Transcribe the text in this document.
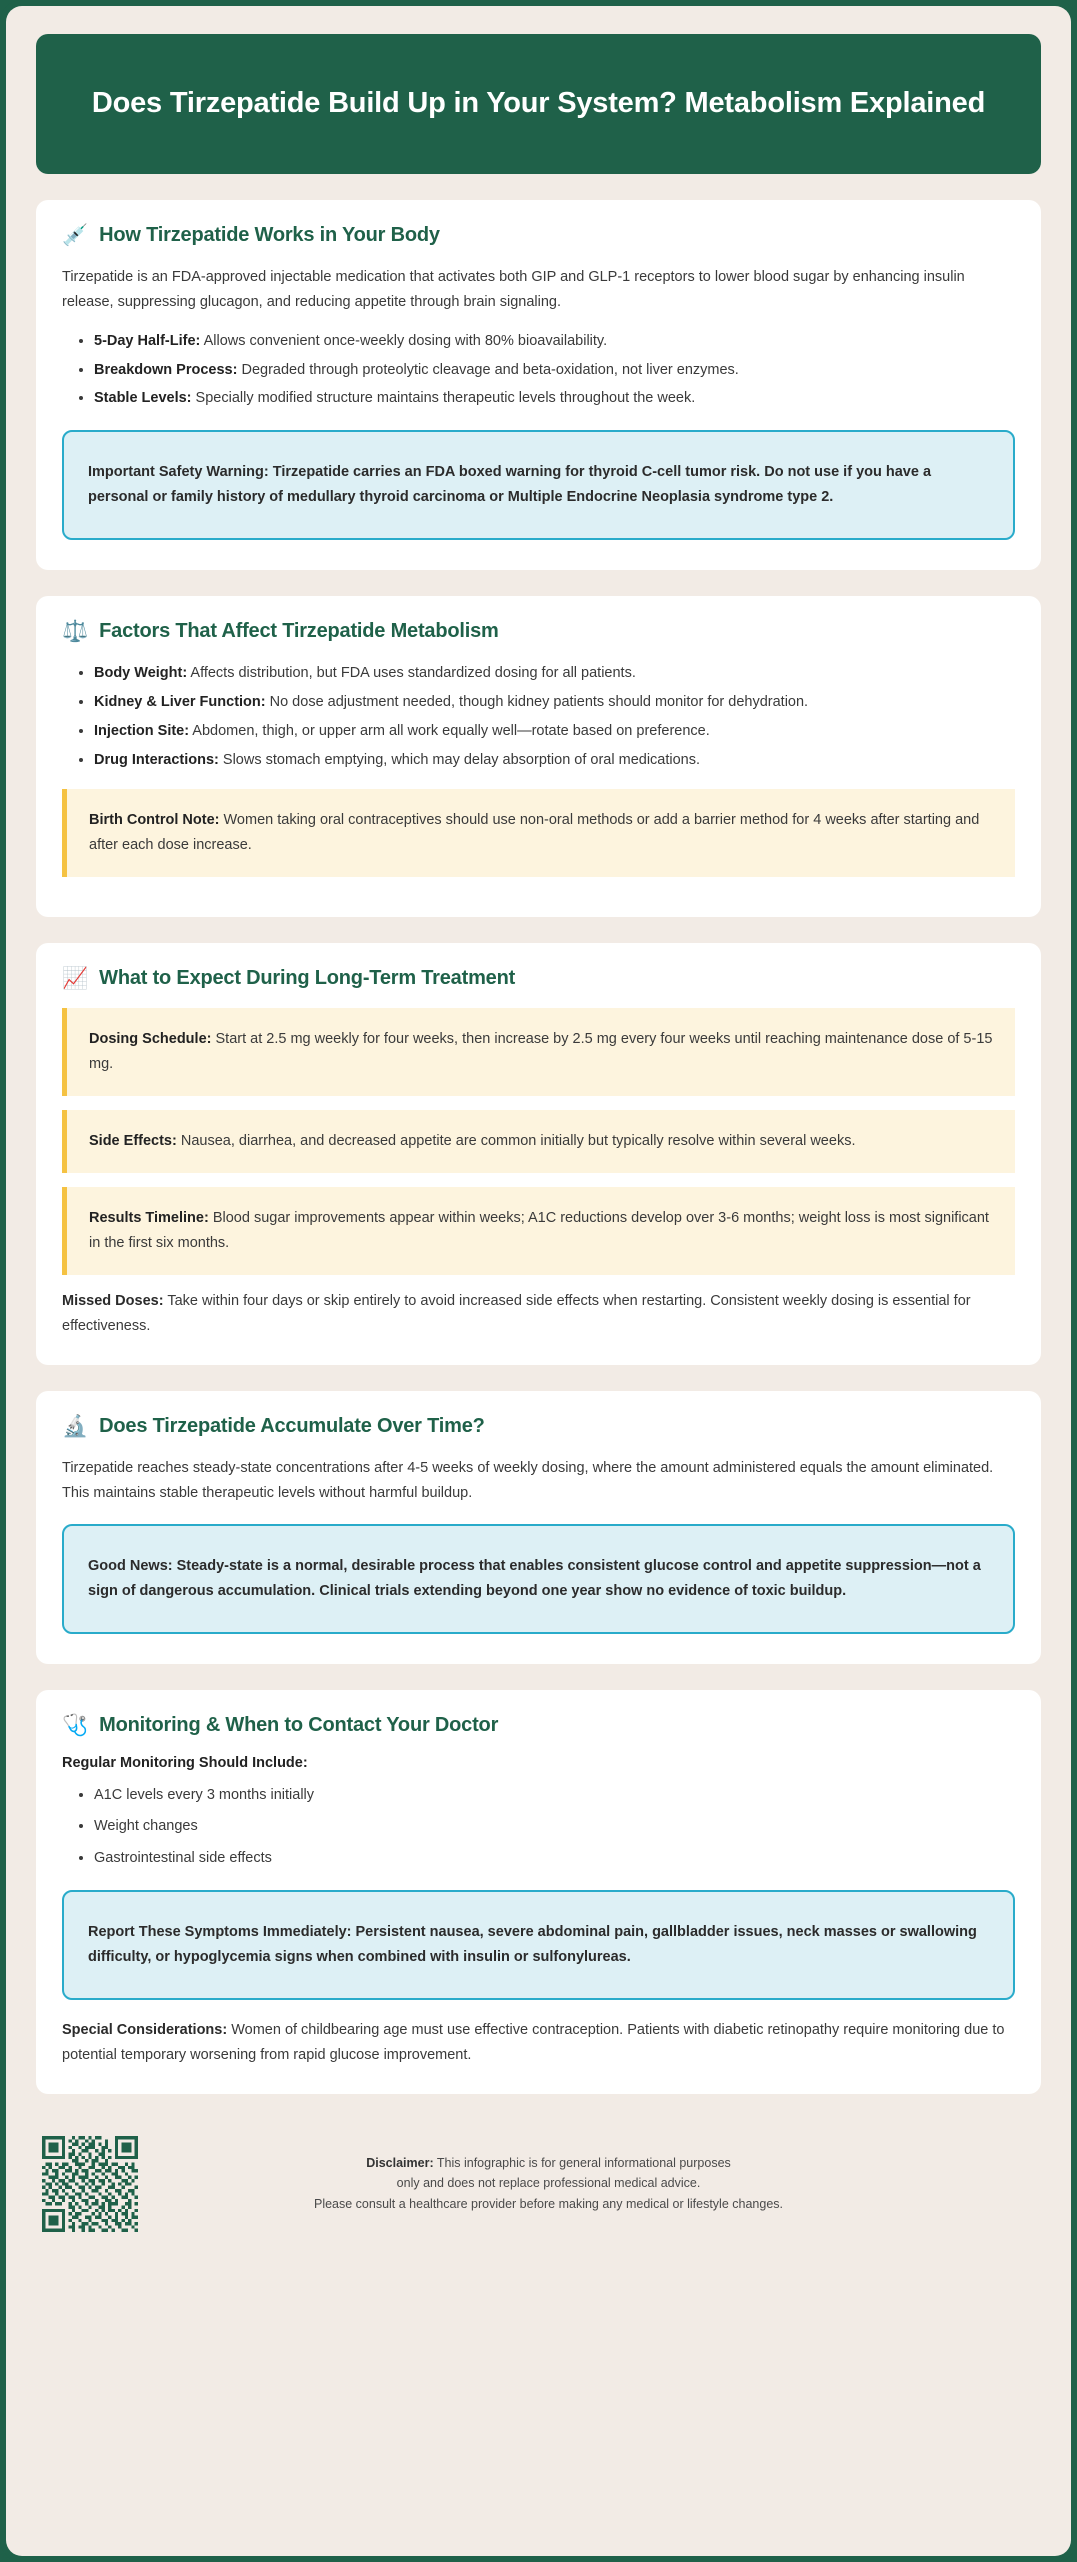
Does Tirzepatide Build Up in Your System? Metabolism Explained
💉 How Tirzepatide Works in Your Body

Tirzepatide is an FDA-approved injectable medication that activates both GIP and GLP-1 receptors to lower blood sugar by enhancing insulin release, suppressing glucagon, and reducing appetite through brain signaling.

• 5-Day Half-Life: Allows convenient once-weekly dosing with 80% bioavailability.
• Breakdown Process: Degraded through proteolytic cleavage and beta-oxidation, not liver enzymes.
• Stable Levels: Specially modified structure maintains therapeutic levels throughout the week.

Important Safety Warning: Tirzepatide carries an FDA boxed warning for thyroid C-cell tumor risk. Do not use if you have a personal or family history of medullary thyroid carcinoma or Multiple Endocrine Neoplasia syndrome type 2.

⚖️ Factors That Affect Tirzepatide Metabolism
• Body Weight: Affects distribution, but FDA uses standardized dosing for all patients.
• Kidney & Liver Function: No dose adjustment needed, though kidney patients should monitor for dehydration.
• Injection Site: Abdomen, thigh, or upper arm all work equally well—rotate based on preference.
• Drug Interactions: Slows stomach emptying, which may delay absorption of oral medications.

Birth Control Note: Women taking oral contraceptives should use non-oral methods or add a barrier method for 4 weeks after starting and after each dose increase.

📈 What to Expect During Long-Term Treatment

Dosing Schedule: Start at 2.5 mg weekly for four weeks, then increase by 2.5 mg every four weeks until reaching maintenance dose of 5-15 mg.

Side Effects: Nausea, diarrhea, and decreased appetite are common initially but typically resolve within several weeks.

Results Timeline: Blood sugar improvements appear within weeks; A1C reductions develop over 3-6 months; weight loss is most significant in the first six months.

Missed Doses: Take within four days or skip entirely to avoid increased side effects when restarting. Consistent weekly dosing is essential for effectiveness.

🔬 Does Tirzepatide Accumulate Over Time?

Tirzepatide reaches steady-state concentrations after 4-5 weeks of weekly dosing, where the amount administered equals the amount eliminated. This maintains stable therapeutic levels without harmful buildup.

Good News: Steady-state is a normal, desirable process that enables consistent glucose control and appetite suppression—not a sign of dangerous accumulation. Clinical trials extending beyond one year show no evidence of toxic buildup.

🩺 Monitoring & When to Contact Your Doctor

Regular Monitoring Should Include:

• A1C levels every 3 months initially
• Weight changes
• Gastrointestinal side effects

Report These Symptoms Immediately: Persistent nausea, severe abdominal pain, gallbladder issues, neck masses or swallowing difficulty, or hypoglycemia signs when combined with insulin or sulfonylureas.

Special Considerations: Women of childbearing age must use effective contraception. Patients with diabetic retinopathy require monitoring due to potential temporary worsening from rapid glucose improvement.

Disclaimer: This infographic is for general informational purposes
only and does not replace professional medical advice.
Please consult a healthcare provider before making any medical or lifestyle changes.
